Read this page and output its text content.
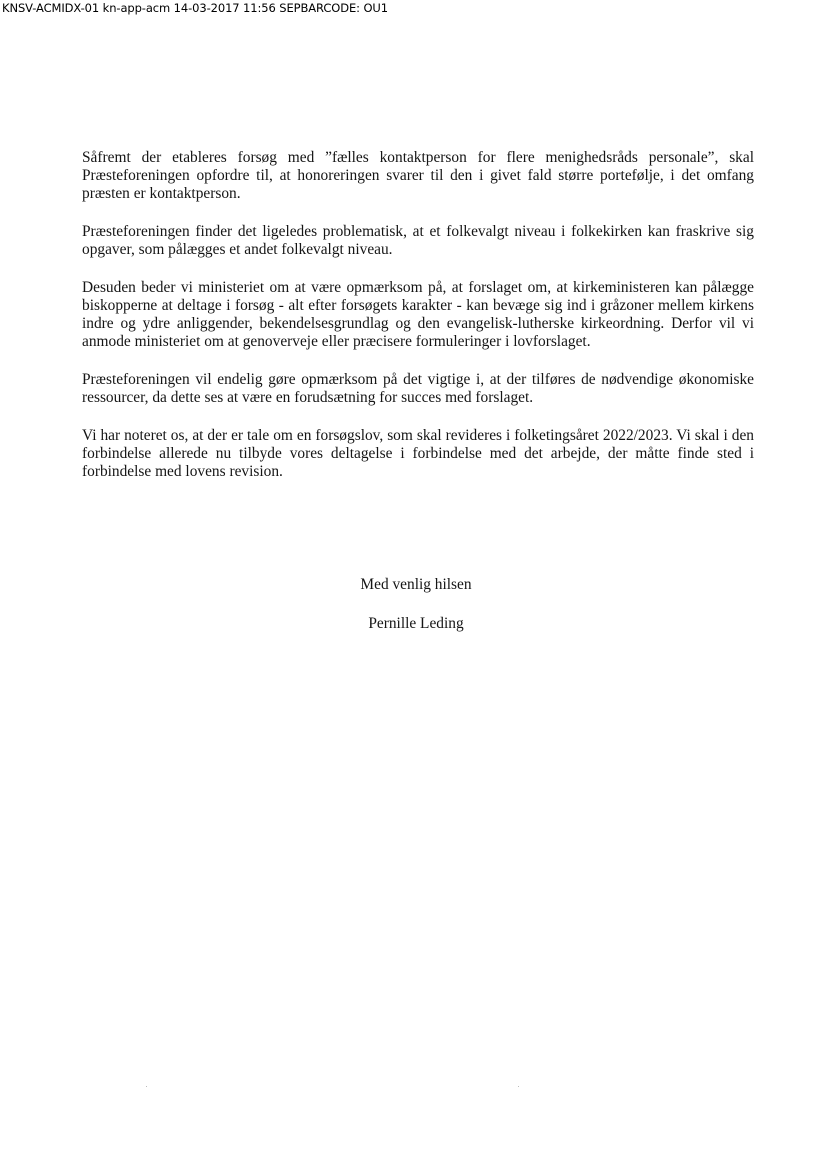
KNSV-ACMIDX-01 kn-app-acm 14-03-2017 11:56 SEPBARCODE: OU1

Såfremt der etableres forsøg med ”fælles kontaktperson for flere menighedsråds personale”, skal Præsteforeningen opfordre til, at honoreringen svarer til den i givet fald større portefølje, i det omfang præsten er kontaktperson.

Præsteforeningen finder det ligeledes problematisk, at et folkevalgt niveau i folkekirken kan fraskrive sig opgaver, som pålægges et andet folkevalgt niveau.

Desuden beder vi ministeriet om at være opmærksom på, at forslaget om, at kirkeministeren kan pålægge biskopperne at deltage i forsøg - alt efter forsøgets karakter - kan bevæge sig ind i gråzoner mellem kirkens indre og ydre anliggender, bekendelsesgrundlag og den evangelisk-lutherske kirkeordning. Derfor vil vi anmode ministeriet om at genoverveje eller præcisere formuleringer i lovforslaget.

Præsteforeningen vil endelig gøre opmærksom på det vigtige i, at der tilføres de nødvendige økonomiske ressourcer, da dette ses at være en forudsætning for succes med forslaget.

Vi har noteret os, at der er tale om en forsøgslov, som skal revideres i folketingsåret 2022/2023. Vi skal i den forbindelse allerede nu tilbyde vores deltagelse i forbindelse med det arbejde, der måtte finde sted i forbindelse med lovens revision.

Med venlig hilsen
Pernille Leding
